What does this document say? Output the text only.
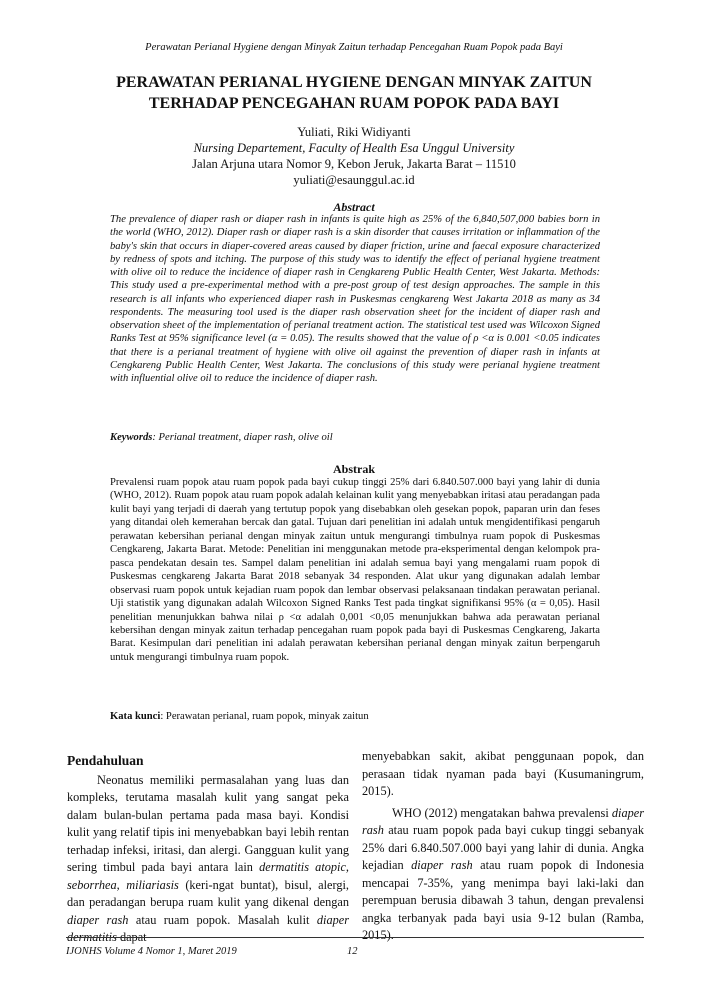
Perawatan Perianal Hygiene dengan Minyak Zaitun terhadap Pencegahan Ruam Popok pada Bayi
PERAWATAN PERIANAL HYGIENE DENGAN MINYAK ZAITUN
TERHADAP PENCEGAHAN RUAM POPOK PADA BAYI
Yuliati, Riki Widiyanti
Nursing Departement, Faculty of Health Esa Unggul University
Jalan Arjuna utara Nomor 9, Kebon Jeruk, Jakarta Barat – 11510
yuliati@esaunggul.ac.id
Abstract

The prevalence of diaper rash or diaper rash in infants is quite high as 25% of the 6,840,507,000 babies born in the world (WHO, 2012). Diaper rash or diaper rash is a skin disorder that causes irritation or inflammation of the baby's skin that occurs in diaper-covered areas caused by diaper friction, urine and faecal exposure characterized by redness of spots and itching. The purpose of this study was to identify the effect of perianal hygiene treatment with olive oil to reduce the incidence of diaper rash in Cengkareng Public Health Center, West Jakarta. Methods: This study used a pre-experimental method with a pre-post group of test design approaches. The sample in this research is all infants who experienced diaper rash in Puskesmas cengkareng West Jakarta 2018 as many as 34 respondents. The measuring tool used is the diaper rash observation sheet for the incident of diaper rash and observation sheet of the implementation of perianal treatment action. The statistical test used was Wilcoxon Signed Ranks Test at 95% significance level (α = 0.05). The results showed that the value of ρ <α is 0.001 <0.05 indicates that there is a perianal treatment of hygiene with olive oil against the prevention of diaper rash in infants at Cengkareng Public Health Center, West Jakarta. The conclusions of this study were perianal hygiene treatment with influential olive oil to reduce the incidence of diaper rash.

Keywords: Perianal treatment, diaper rash, olive oil

Abstrak

Prevalensi ruam popok atau ruam popok pada bayi cukup tinggi 25% dari 6.840.507.000 bayi yang lahir di dunia (WHO, 2012). Ruam popok atau ruam popok adalah kelainan kulit yang menyebabkan iritasi atau peradangan pada kulit bayi yang terjadi di daerah yang tertutup popok yang disebabkan oleh gesekan popok, paparan urin dan feses yang ditandai oleh kemerahan bercak dan gatal. Tujuan dari penelitian ini adalah untuk mengidentifikasi pengaruh perawatan kebersihan perianal dengan minyak zaitun untuk mengurangi timbulnya ruam popok di Puskesmas Cengkareng, Jakarta Barat. Metode: Penelitian ini menggunakan metode pra-eksperimental dengan kelompok pra-pasca pendekatan desain tes. Sampel dalam penelitian ini adalah semua bayi yang mengalami ruam popok di Puskesmas cengkareng Jakarta Barat 2018 sebanyak 34 responden. Alat ukur yang digunakan adalah lembar observasi ruam popok untuk kejadian ruam popok dan lembar observasi pelaksanaan tindakan perawatan perianal. Uji statistik yang digunakan adalah Wilcoxon Signed Ranks Test pada tingkat signifikansi 95% (α = 0,05). Hasil penelitian menunjukkan bahwa nilai ρ <α adalah 0,001 <0,05 menunjukkan bahwa ada perawatan perianal kebersihan dengan minyak zaitun terhadap pencegahan ruam popok pada bayi di Puskesmas Cengkareng, Jakarta Barat. Kesimpulan dari penelitian ini adalah perawatan kebersihan perianal dengan minyak zaitun berpengaruh untuk mengurangi timbulnya ruam popok.

Kata kunci: Perawatan perianal, ruam popok, minyak zaitun

Pendahuluan

Neonatus memiliki permasalahan yang luas dan kompleks, terutama masalah kulit yang sangat peka dalam bulan-bulan pertama pada masa bayi. Kondisi kulit yang relatif tipis ini menyebabkan bayi lebih rentan terhadap infeksi, iritasi, dan alergi. Gangguan kulit yang sering timbul pada bayi antara lain dermatitis atopic, seborrhea, miliariasis (keri-ngat buntat), bisul, alergi, dan peradangan berupa ruam kulit yang dikenal dengan diaper rash atau ruam popok. Masalah kulit diaper dermatitis dapat

menyebabkan sakit, akibat penggunaan popok, dan perasaan tidak nyaman pada bayi (Kusumaningrum, 2015).

WHO (2012) mengatakan bahwa prevalensi diaper rash atau ruam popok pada bayi cukup tinggi sebanyak 25% dari 6.840.507.000 bayi yang lahir di dunia. Angka kejadian diaper rash atau ruam popok di Indonesia mencapai 7-35%, yang menimpa bayi laki-laki dan perempuan berusia dibawah 3 tahun, dengan prevalensi angka terbanyak pada bayi usia 9-12 bulan (Ramba, 2015).

IJONHS Volume 4 Nomor 1, Maret 2019	12
